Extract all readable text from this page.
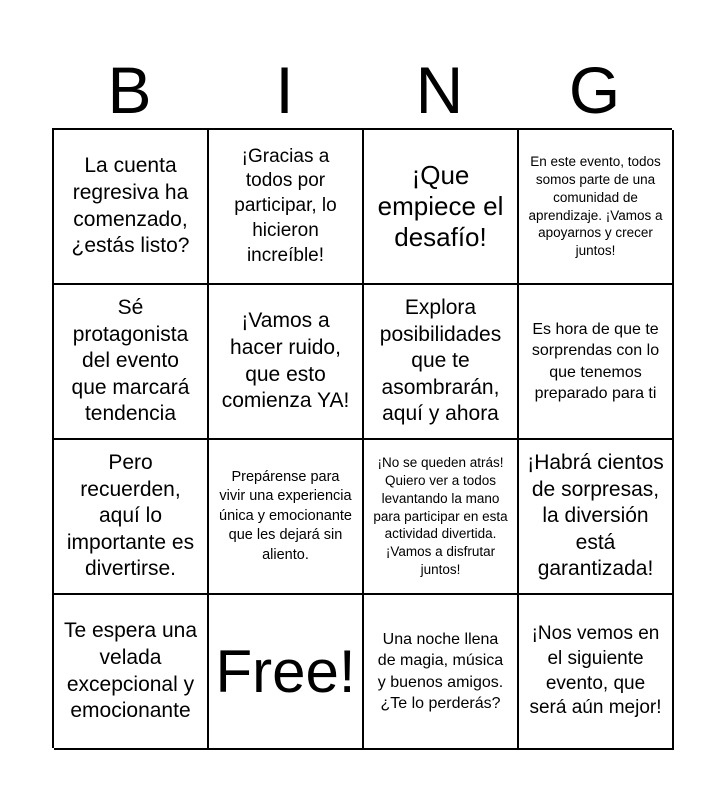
B	I	N	G
La cuenta regresiva ha comenzado, ¿estás listo?
¡Gracias a todos por participar, lo hicieron increíble!
¡Que empiece el desafío!
En este evento, todos somos parte de una comunidad de aprendizaje. ¡Vamos a apoyarnos y crecer juntos!
Sé protagonista del evento que marcará tendencia
¡Vamos a hacer ruido, que esto comienza YA!
Explora posibilidades que te asombrarán, aquí y ahora
Es hora de que te sorprendas con lo que tenemos preparado para ti
Pero recuerden, aquí lo importante es divertirse.
Prepárense para vivir una experiencia única y emocionante que les dejará sin aliento.
¡No se queden atrás! Quiero ver a todos levantando la mano para participar en esta actividad divertida. ¡Vamos a disfrutar juntos!
¡Habrá cientos de sorpresas, la diversión está garantizada!
Te espera una velada excepcional y emocionante
Free!	Una noche llena de magia, música y buenos amigos. ¿Te lo perderás?
¡Nos vemos en el siguiente evento, que será aún mejor!
